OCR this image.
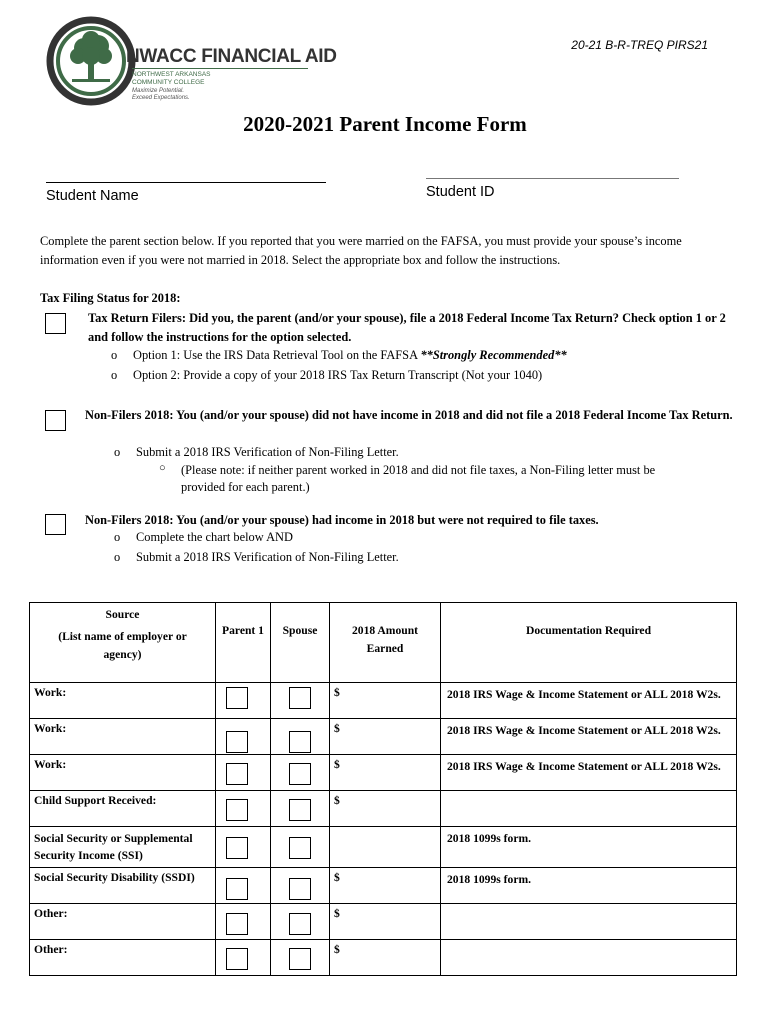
NWACC FINANCIAL AID
NORTHWEST ARKANSAS
COMMUNITY COLLEGE
Maximize Potential.
Exceed Expectations.
20-21 B-R-TREQ PIRS21
2020-2021 Parent Income Form
Student Name	Student ID
Complete the parent section below. If you reported that you were married on the FAFSA, you must provide your spouse’s income information even if you were not married in 2018. Select the appropriate box and follow the instructions.
Tax Filing Status for 2018:
Tax Return Filers: Did you, the parent (and/or your spouse), file a 2018 Federal Income Tax Return? Check option 1 or 2 and follow the instructions for the option selected.
o Option 1: Use the IRS Data Retrieval Tool on the FAFSA **Strongly Recommended**
o Option 2: Provide a copy of your 2018 IRS Tax Return Transcript (Not your 1040)
Non-Filers 2018: You (and/or your spouse) did not have income in 2018 and did not file a 2018 Federal Income Tax Return.
o Submit a 2018 IRS Verification of Non-Filing Letter.
○ (Please note: if neither parent worked in 2018 and did not file taxes, a Non-Filing letter must be provided for each parent.)
Non-Filers 2018: You (and/or your spouse) had income in 2018 but were not required to file taxes.
o Complete the chart below AND
o Submit a 2018 IRS Verification of Non-Filing Letter.
Source
(List name of employer or agency)	Parent 1	Spouse	2018 Amount Earned	Documentation Required
Work:			$	2018 IRS Wage & Income Statement or ALL 2018 W2s.
Work:			$	2018 IRS Wage & Income Statement or ALL 2018 W2s.
Work:			$	2018 IRS Wage & Income Statement or ALL 2018 W2s.
Child Support Received:			$	
Social Security or Supplemental Security Income (SSI)				2018 1099s form.
Social Security Disability (SSDI)			$	2018 1099s form.
Other:			$	
Other:			$	
